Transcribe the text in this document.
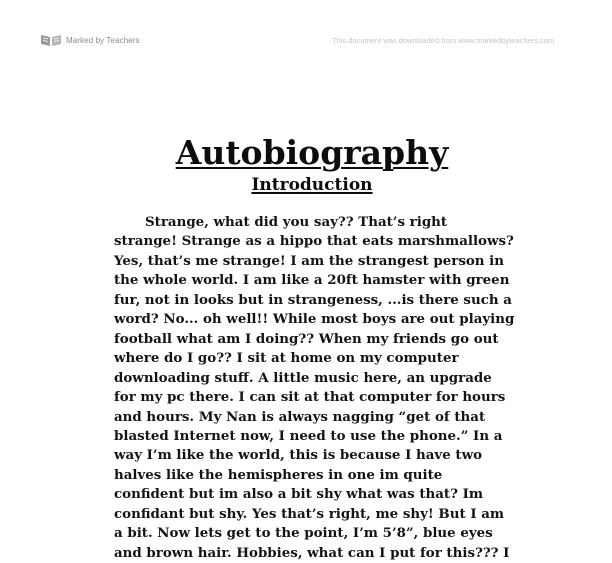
Marked by Teachers	This document was downloaded from www.markedbyteachers.com
Autobiography
Introduction
Strange, what did you say?? That’s right
strange! Strange as a hippo that eats marshmallows?
Yes, that’s me strange! I am the strangest person in
the whole world. I am like a 20ft hamster with green
fur, not in looks but in strangeness, ...is there such a
word? No... oh well!! While most boys are out playing
football what am I doing?? When my friends go out
where do I go?? I sit at home on my computer
downloading stuff. A little music here, an upgrade
for my pc there. I can sit at that computer for hours
and hours. My Nan is always nagging “get of that
blasted Internet now, I need to use the phone.” In a
way I’m like the world, this is because I have two
halves like the hemispheres in one im quite
confident but im also a bit shy what was that? Im
confidant but shy. Yes that’s right, me shy! But I am
a bit. Now lets get to the point, I’m 5’8”, blue eyes
and brown hair. Hobbies, what can I put for this??? I
